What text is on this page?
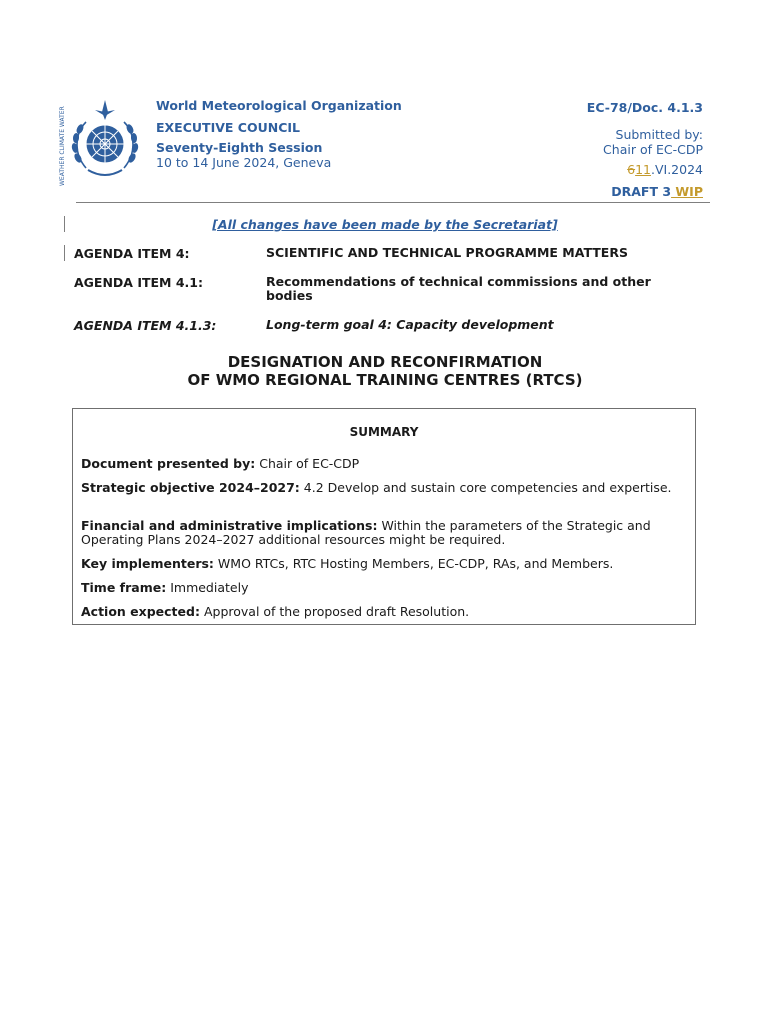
WEATHER CLIMATE WATER
World Meteorological Organization
EXECUTIVE COUNCIL
Seventy-Eighth Session
10 to 14 June 2024, Geneva
EC-78/Doc. 4.1.3
Submitted by:
Chair of EC-CDP
611.VI.2024
DRAFT 3 WIP
[All changes have been made by the Secretariat]
AGENDA ITEM 4:	SCIENTIFIC AND TECHNICAL PROGRAMME MATTERS
AGENDA ITEM 4.1:	Recommendations of technical commissions and other bodies
AGENDA ITEM 4.1.3:	Long-term goal 4: Capacity development
DESIGNATION AND RECONFIRMATION
OF WMO REGIONAL TRAINING CENTRES (RTCS)
SUMMARY
Document presented by: Chair of EC-CDP
Strategic objective 2024–2027: 4.2 Develop and sustain core competencies and expertise.
Financial and administrative implications: Within the parameters of the Strategic and Operating Plans 2024–2027 additional resources might be required.
Key implementers: WMO RTCs, RTC Hosting Members, EC-CDP, RAs, and Members.
Time frame: Immediately
Action expected: Approval of the proposed draft Resolution.
